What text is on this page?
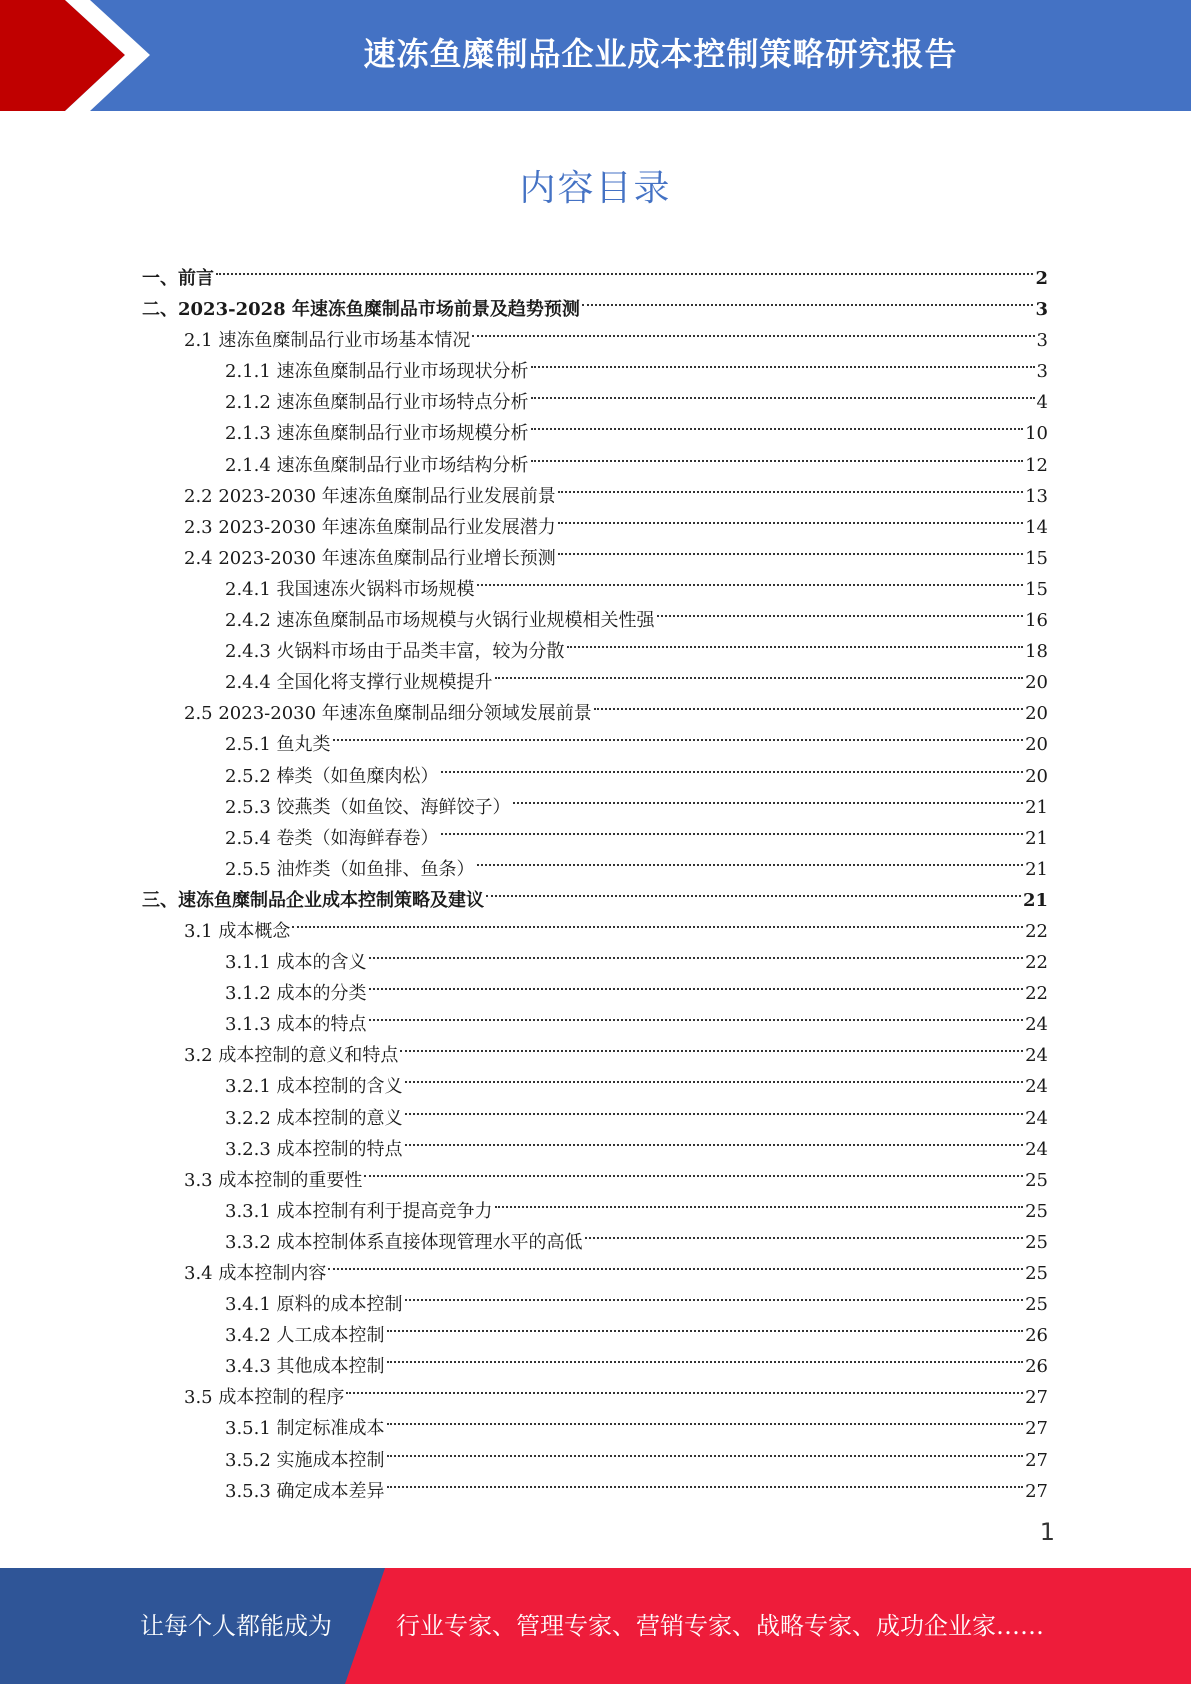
速冻鱼糜制品企业成本控制策略研究报告
内容目录
一、前言	2
二、2023-2028 年速冻鱼糜制品市场前景及趋势预测	3
2.1 速冻鱼糜制品行业市场基本情况	3
2.1.1 速冻鱼糜制品行业市场现状分析	3
2.1.2 速冻鱼糜制品行业市场特点分析	4
2.1.3 速冻鱼糜制品行业市场规模分析	10
2.1.4 速冻鱼糜制品行业市场结构分析	12
2.2 2023-2030 年速冻鱼糜制品行业发展前景	13
2.3 2023-2030 年速冻鱼糜制品行业发展潜力	14
2.4 2023-2030 年速冻鱼糜制品行业增长预测	15
2.4.1 我国速冻火锅料市场规模	15
2.4.2 速冻鱼糜制品市场规模与火锅行业规模相关性强	16
2.4.3 火锅料市场由于品类丰富，较为分散	18
2.4.4 全国化将支撑行业规模提升	20
2.5 2023-2030 年速冻鱼糜制品细分领域发展前景	20
2.5.1 鱼丸类	20
2.5.2 棒类（如鱼糜肉松）	20
2.5.3 饺燕类（如鱼饺、海鲜饺子）	21
2.5.4 卷类（如海鲜春卷）	21
2.5.5 油炸类（如鱼排、鱼条）	21
三、速冻鱼糜制品企业成本控制策略及建议	21
3.1 成本概念	22
3.1.1 成本的含义	22
3.1.2 成本的分类	22
3.1.3 成本的特点	24
3.2 成本控制的意义和特点	24
3.2.1 成本控制的含义	24
3.2.2 成本控制的意义	24
3.2.3 成本控制的特点	24
3.3 成本控制的重要性	25
3.3.1 成本控制有利于提高竞争力	25
3.3.2 成本控制体系直接体现管理水平的高低	25
3.4 成本控制内容	25
3.4.1 原料的成本控制	25
3.4.2 人工成本控制	26
3.4.3 其他成本控制	26
3.5 成本控制的程序	27
3.5.1 制定标准成本	27
3.5.2 实施成本控制	27
3.5.3 确定成本差异	27
1
让每个人都能成为	行业专家、管理专家、营销专家、战略专家、成功企业家……
